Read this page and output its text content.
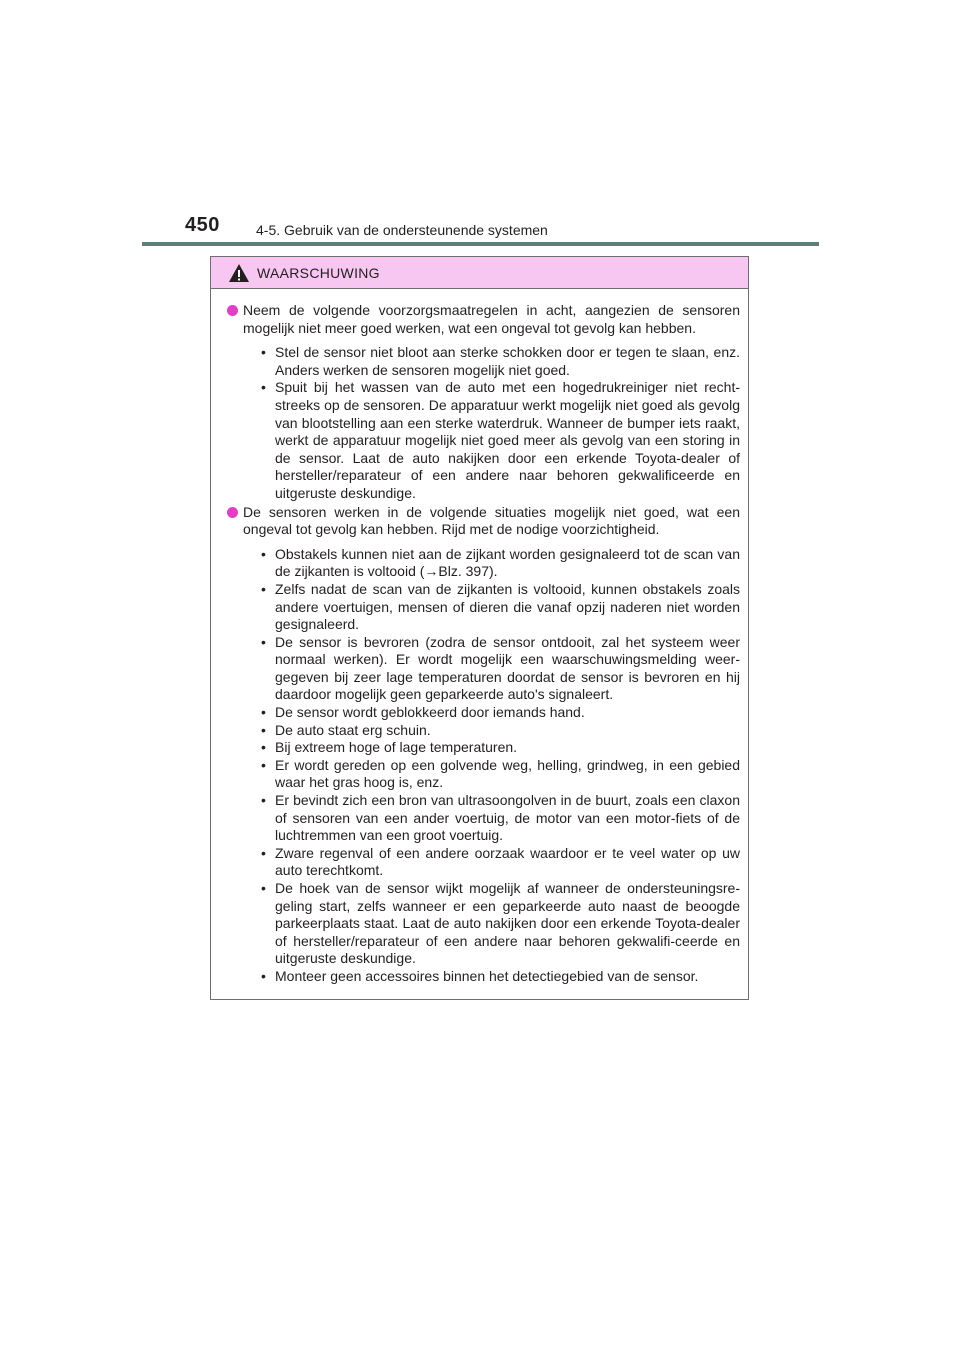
450	4-5. Gebruik van de ondersteunende systemen
WAARSCHUWING
Neem de volgende voorzorgsmaatregelen in acht, aangezien de sensoren mogelijk niet meer goed werken, wat een ongeval tot gevolg kan hebben.
• Stel de sensor niet bloot aan sterke schokken door er tegen te slaan, enz. Anders werken de sensoren mogelijk niet goed.
• Spuit bij het wassen van de auto met een hogedrukreiniger niet recht-streeks op de sensoren. De apparatuur werkt mogelijk niet goed als gevolg van blootstelling aan een sterke waterdruk. Wanneer de bumper iets raakt, werkt de apparatuur mogelijk niet goed meer als gevolg van een storing in de sensor. Laat de auto nakijken door een erkende Toyota-dealer of hersteller/reparateur of een andere naar behoren gekwalificeerde en uitgeruste deskundige.
De sensoren werken in de volgende situaties mogelijk niet goed, wat een ongeval tot gevolg kan hebben. Rijd met de nodige voorzichtigheid.
• Obstakels kunnen niet aan de zijkant worden gesignaleerd tot de scan van de zijkanten is voltooid (→Blz. 397).
• Zelfs nadat de scan van de zijkanten is voltooid, kunnen obstakels zoals andere voertuigen, mensen of dieren die vanaf opzij naderen niet worden gesignaleerd.
• De sensor is bevroren (zodra de sensor ontdooit, zal het systeem weer normaal werken). Er wordt mogelijk een waarschuwingsmelding weer-gegeven bij zeer lage temperaturen doordat de sensor is bevroren en hij daardoor mogelijk geen geparkeerde auto's signaleert.
• De sensor wordt geblokkeerd door iemands hand.
• De auto staat erg schuin.
• Bij extreem hoge of lage temperaturen.
• Er wordt gereden op een golvende weg, helling, grindweg, in een gebied waar het gras hoog is, enz.
• Er bevindt zich een bron van ultrasoongolven in de buurt, zoals een claxon of sensoren van een ander voertuig, de motor van een motor-fiets of de luchtremmen van een groot voertuig.
• Zware regenval of een andere oorzaak waardoor er te veel water op uw auto terechtkomt.
• De hoek van de sensor wijkt mogelijk af wanneer de ondersteuningsre-geling start, zelfs wanneer er een geparkeerde auto naast de beoogde parkeerplaats staat. Laat de auto nakijken door een erkende Toyota-dealer of hersteller/reparateur of een andere naar behoren gekwalifi-ceerde en uitgeruste deskundige.
• Monteer geen accessoires binnen het detectiegebied van de sensor.
